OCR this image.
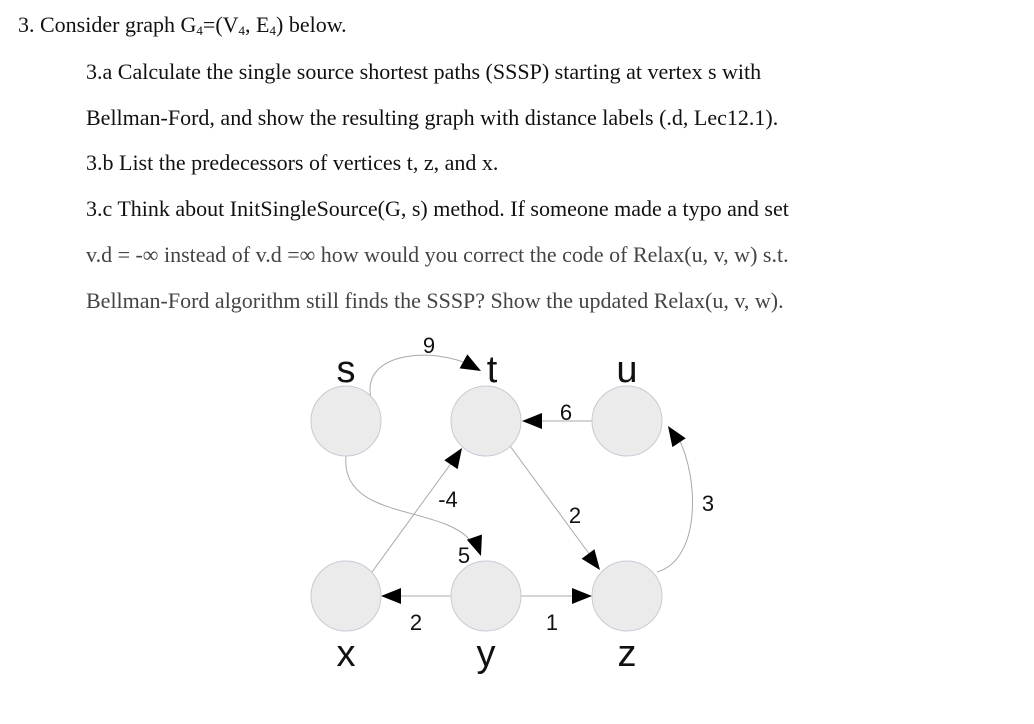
3. Consider graph $G_4=(V_4$, $E_4$) below.

3.a Calculate the single source shortest paths (SSSP) starting at vertex s with

Bellman-Ford, and show the resulting graph with distance labels (.d, Lec12.1).

3.b List the predecessors of vertices t, z, and x.

3.c Think about InitSingleSource(G, s) method. If someone made a typo and set

v.d = -∞ instead of v.d =∞ how would you correct the code of Relax(u, v, w) s.t.

Bellman-Ford algorithm still finds the SSSP? Show the updated Relax(u, v, w).

9
5
6
-4
2	3
2	1
s	t	u
x	y	z
